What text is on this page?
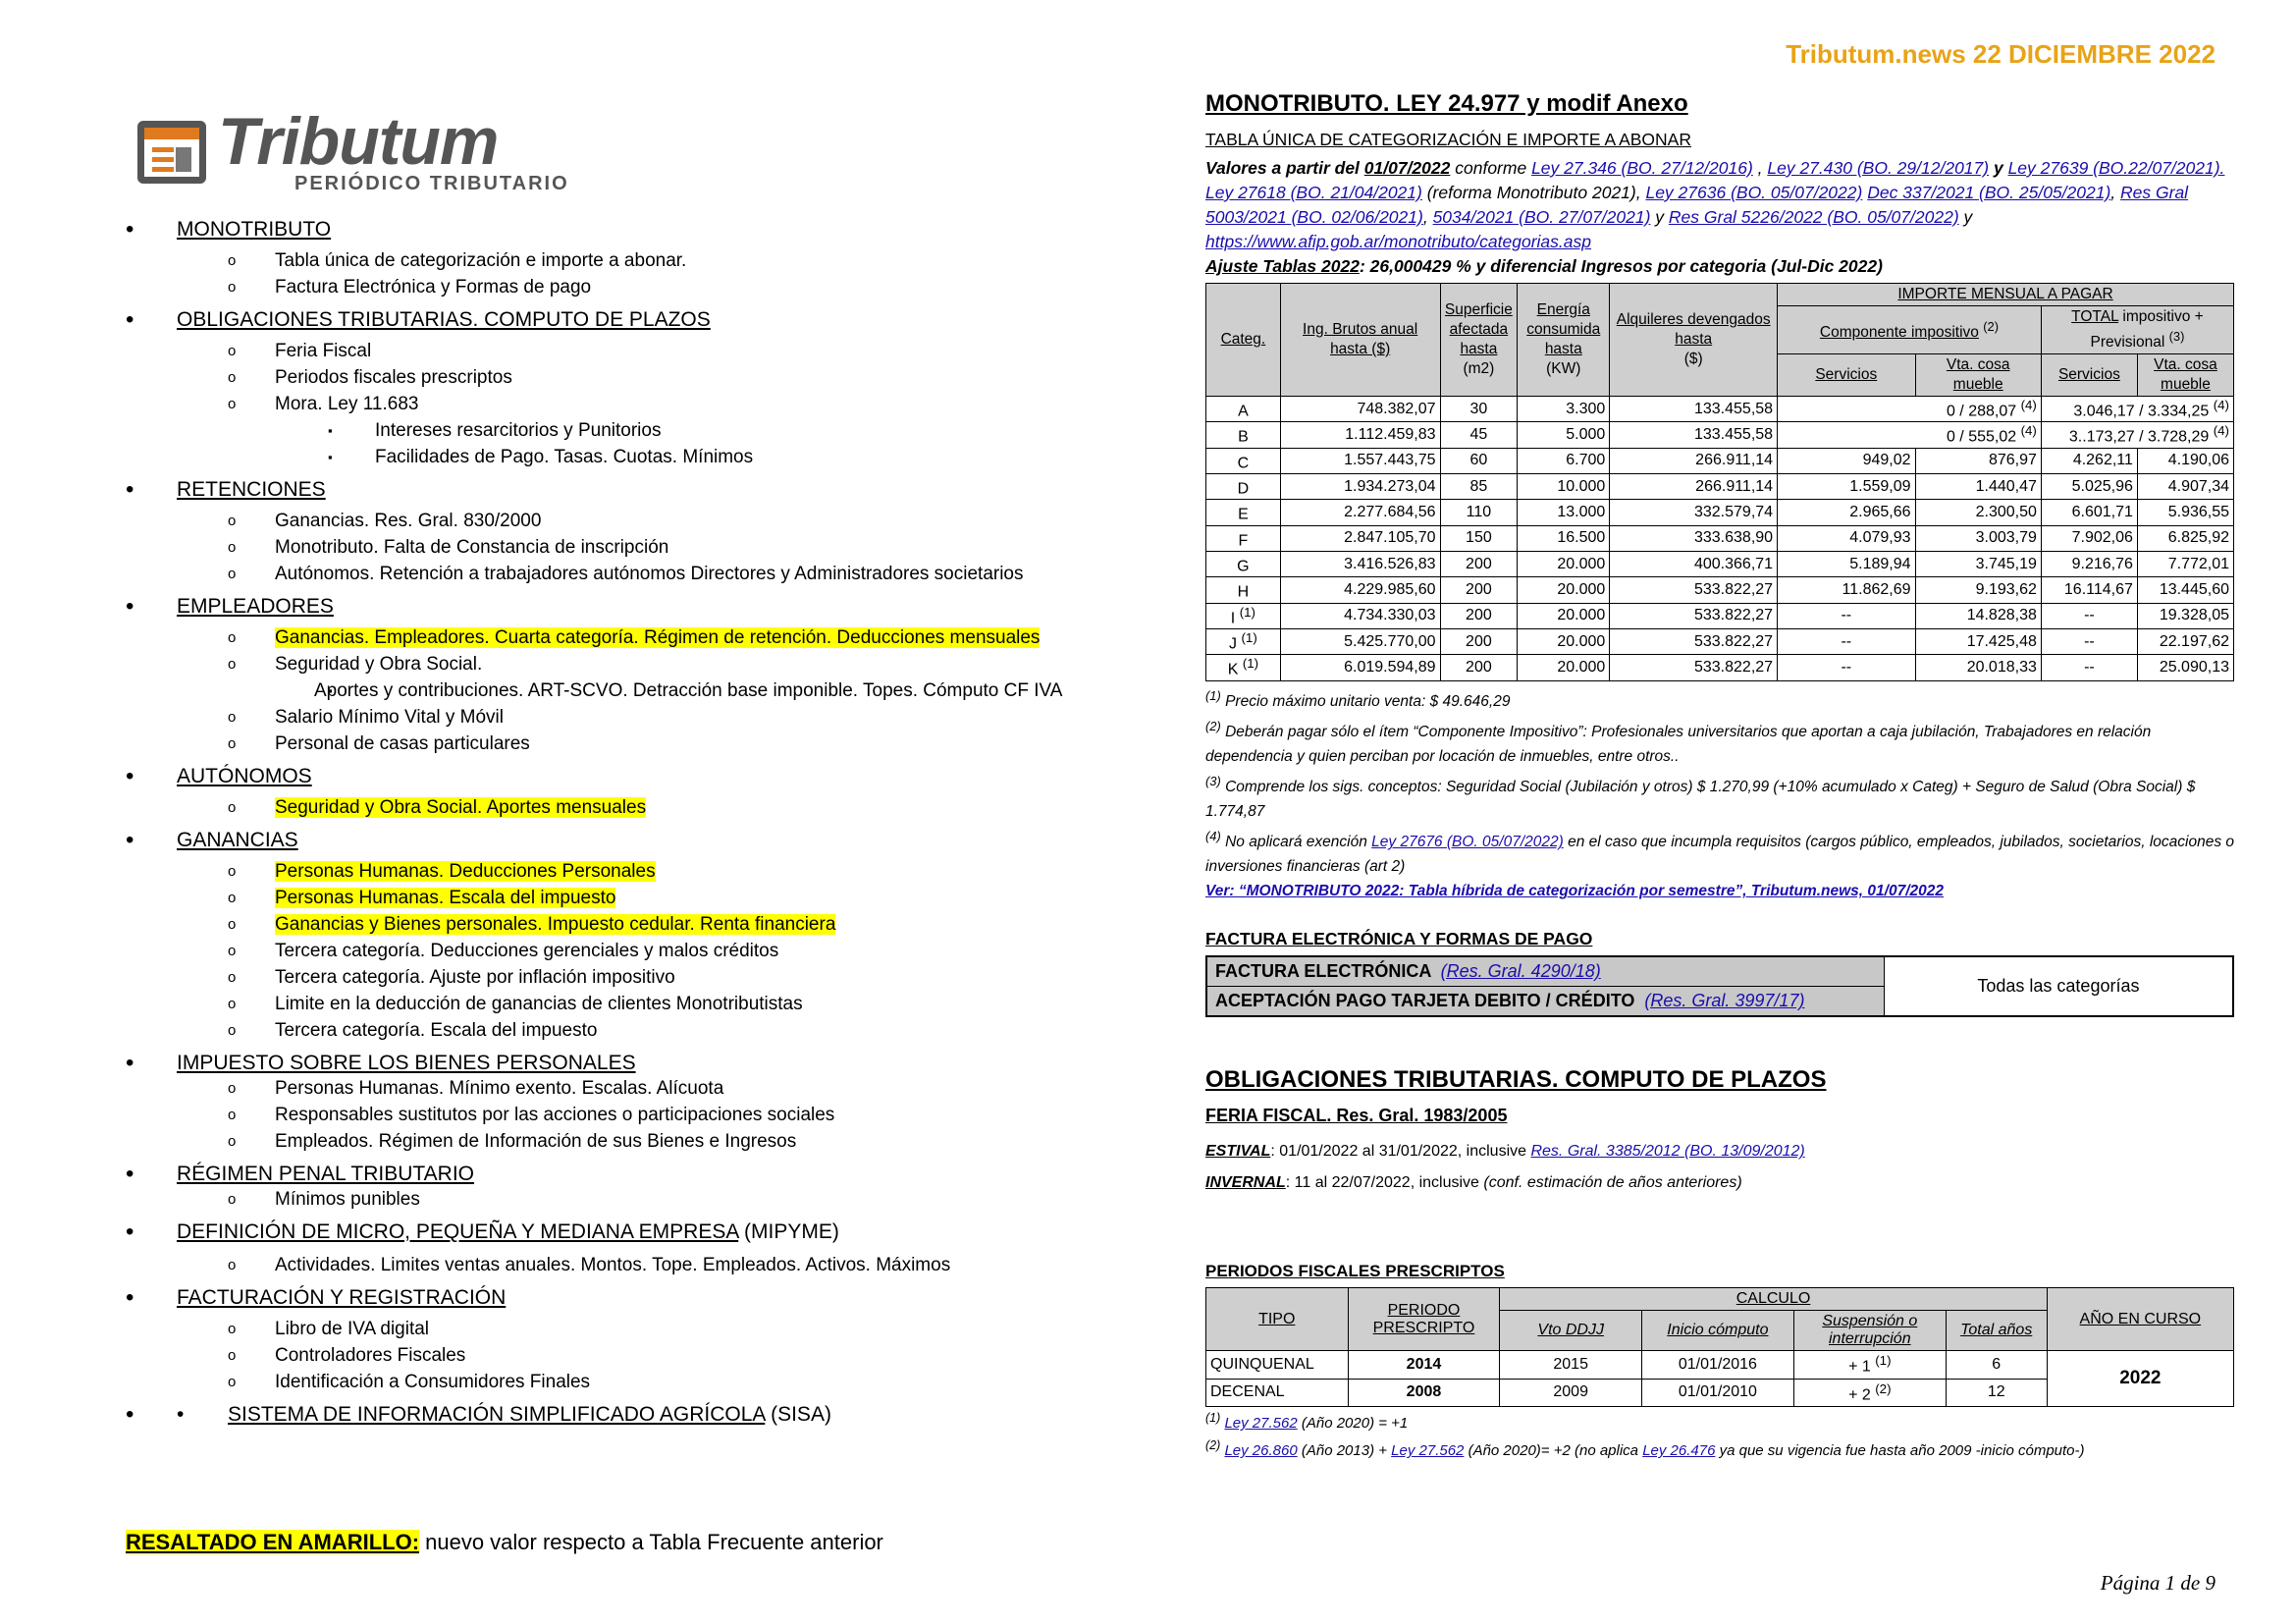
Tributum.news 22 DICIEMBRE 2022
Tributum
PERIÓDICO TRIBUTARIO
• MONOTRIBUTO
o Tabla única de categorización e importe a abonar.
o Factura Electrónica y Formas de pago
• OBLIGACIONES TRIBUTARIAS. COMPUTO DE PLAZOS
o Feria Fiscal
o Periodos fiscales prescriptos
o Mora. Ley 11.683
▪ Intereses resarcitorios y Punitorios
▪ Facilidades de Pago. Tasas. Cuotas. Mínimos
• RETENCIONES
o Ganancias. Res. Gral. 830/2000
o Monotributo. Falta de Constancia de inscripción
o Autónomos. Retención a trabajadores autónomos Directores y Administradores societarios
• EMPLEADORES
o Ganancias. Empleadores. Cuarta categoría. Régimen de retención. Deducciones mensuales
o Seguridad y Obra Social.
▪ Aportes y contribuciones. ART-SCVO. Detracción base imponible. Topes. Cómputo CF IVA
o Salario Mínimo Vital y Móvil
o Personal de casas particulares
• AUTÓNOMOS
o Seguridad y Obra Social. Aportes mensuales
• GANANCIAS
o Personas Humanas. Deducciones Personales
o Personas Humanas. Escala del impuesto
o Ganancias y Bienes personales. Impuesto cedular. Renta financiera
o Tercera categoría. Deducciones gerenciales y malos créditos
o Tercera categoría. Ajuste por inflación impositivo
o Limite en la deducción de ganancias de clientes Monotributistas
o Tercera categoría. Escala del impuesto
• IMPUESTO SOBRE LOS BIENES PERSONALES
o Personas Humanas. Mínimo exento. Escalas. Alícuota
o Responsables sustitutos por las acciones o participaciones sociales
o Empleados. Régimen de Información de sus Bienes e Ingresos
• RÉGIMEN PENAL TRIBUTARIO
o Mínimos punibles
• DEFINICIÓN DE MICRO, PEQUEÑA Y MEDIANA EMPRESA (MIPYME)
o Actividades. Limites ventas anuales. Montos. Tope. Empleados. Activos. Máximos
• FACTURACIÓN Y REGISTRACIÓN
o Libro de IVA digital
o Controladores Fiscales
o Identificación a Consumidores Finales
• • SISTEMA DE INFORMACIÓN SIMPLIFICADO AGRÍCOLA (SISA)
RESALTADO EN AMARILLO: nuevo valor respecto a Tabla Frecuente anterior
MONOTRIBUTO. LEY 24.977 y modif Anexo
TABLA ÚNICA DE CATEGORIZACIÓN E IMPORTE A ABONAR
Valores a partir del 01/07/2022 conforme Ley 27.346 (BO. 27/12/2016) , Ley 27.430 (BO. 29/12/2017) y Ley 27639 (BO.22/07/2021). Ley 27618 (BO. 21/04/2021) (reforma Monotributo 2021), Ley 27636 (BO. 05/07/2022) Dec 337/2021 (BO. 25/05/2021), Res Gral 5003/2021 (BO. 02/06/2021), 5034/2021 (BO. 27/07/2021) y Res Gral 5226/2022 (BO. 05/07/2022) y https://www.afip.gob.ar/monotributo/categorias.asp
Ajuste Tablas 2022: 26,000429 % y diferencial Ingresos por categoria (Jul-Dic 2022)
Categ.	Ing. Brutos anual hasta ($)	Superficie afectada hasta
(m2)	Energía consumida hasta
(KW)	Alquileres devengados hasta
($)	IMPORTE MENSUAL A PAGAR			
					Componente impositivo $^{(2)}$		TOTAL impositivo + Previsional $^{(3)}$
					Servicios	Vta. cosa mueble	Servicios	Vta. cosa mueble
A	748.382,07	30	3.300	133.455,58	0 / 288,07 $^{(4)}$		3.046,17 / 3.334,25 $^{(4)}$
B	1.112.459,83	45	5.000	133.455,58	0 / 555,02 $^{(4)}$		3..173,27 / 3.728,29 $^{(4)}$
C	1.557.443,75	60	6.700	266.911,14	949,02	876,97	4.262,11	4.190,06
D	1.934.273,04	85	10.000	266.911,14	1.559,09	1.440,47	5.025,96	4.907,34
E	2.277.684,56	110	13.000	332.579,74	2.965,66	2.300,50	6.601,71	5.936,55
F	2.847.105,70	150	16.500	333.638,90	4.079,93	3.003,79	7.902,06	6.825,92
G	3.416.526,83	200	20.000	400.366,71	5.189,94	3.745,19	9.216,76	7.772,01
H	4.229.985,60	200	20.000	533.822,27	11.862,69	9.193,62	16.114,67	13.445,60
I $^{(1)}$	4.734.330,03	200	20.000	533.822,27	--	14.828,38	--	19.328,05
J $^{(1)}$	5.425.770,00	200	20.000	533.822,27	--	17.425,48	--	22.197,62
K $^{(1)}$	6.019.594,89	200	20.000	533.822,27	--	20.018,33	--	25.090,13
$^{(1)}$ Precio máximo unitario venta: $ 49.646,29
$^{(2)}$ Deberán pagar sólo el ítem “Componente Impositivo”: Profesionales universitarios que aportan a caja jubilación, Trabajadores en relación dependencia y quien perciban por locación de inmuebles, entre otros..
$^{(3)}$ Comprende los sigs. conceptos: Seguridad Social (Jubilación y otros) $ 1.270,99 (+10% acumulado x Categ) + Seguro de Salud (Obra Social) $ 1.774,87
$^{(4)}$ No aplicará exención Ley 27676 (BO. 05/07/2022) en el caso que incumpla requisitos (cargos público, empleados, jubilados, societarios, locaciones o inversiones financieras (art 2)
Ver: “MONOTRIBUTO 2022: Tabla híbrida de categorización por semestre”, Tributum.news, 01/07/2022
FACTURA ELECTRÓNICA Y FORMAS DE PAGO
FACTURA ELECTRÓNICA (Res. Gral. 4290/18)	Todas las categorías
ACEPTACIÓN PAGO TARJETA DEBITO / CRÉDITO (Res. Gral. 3997/17)
OBLIGACIONES TRIBUTARIAS. COMPUTO DE PLAZOS
FERIA FISCAL. Res. Gral. 1983/2005
ESTIVAL: 01/01/2022 al 31/01/2022, inclusive Res. Gral. 3385/2012 (BO. 13/09/2012)
INVERNAL: 11 al 22/07/2022, inclusive (conf. estimación de años anteriores)
PERIODOS FISCALES PRESCRIPTOS
TIPO	PERIODO PRESCRIPTO	CALCULO				AÑO EN CURSO
		Vto DDJJ	Inicio cómputo	Suspensión o interrupción	Total años	
QUINQUENAL	2014	2015	01/01/2016	+ 1 $^{(1)}$	6	2022
DECENAL	2008	2009	01/01/2010	+ 2 $^{(2)}$	12	
$^{(1)}$ Ley 27.562 (Año 2020) = +1
$^{(2)}$ Ley 26.860 (Año 2013) + Ley 27.562 (Año 2020)= +2 (no aplica Ley 26.476 ya que su vigencia fue hasta año 2009 -inicio cómputo-)
Página 1 de 9
